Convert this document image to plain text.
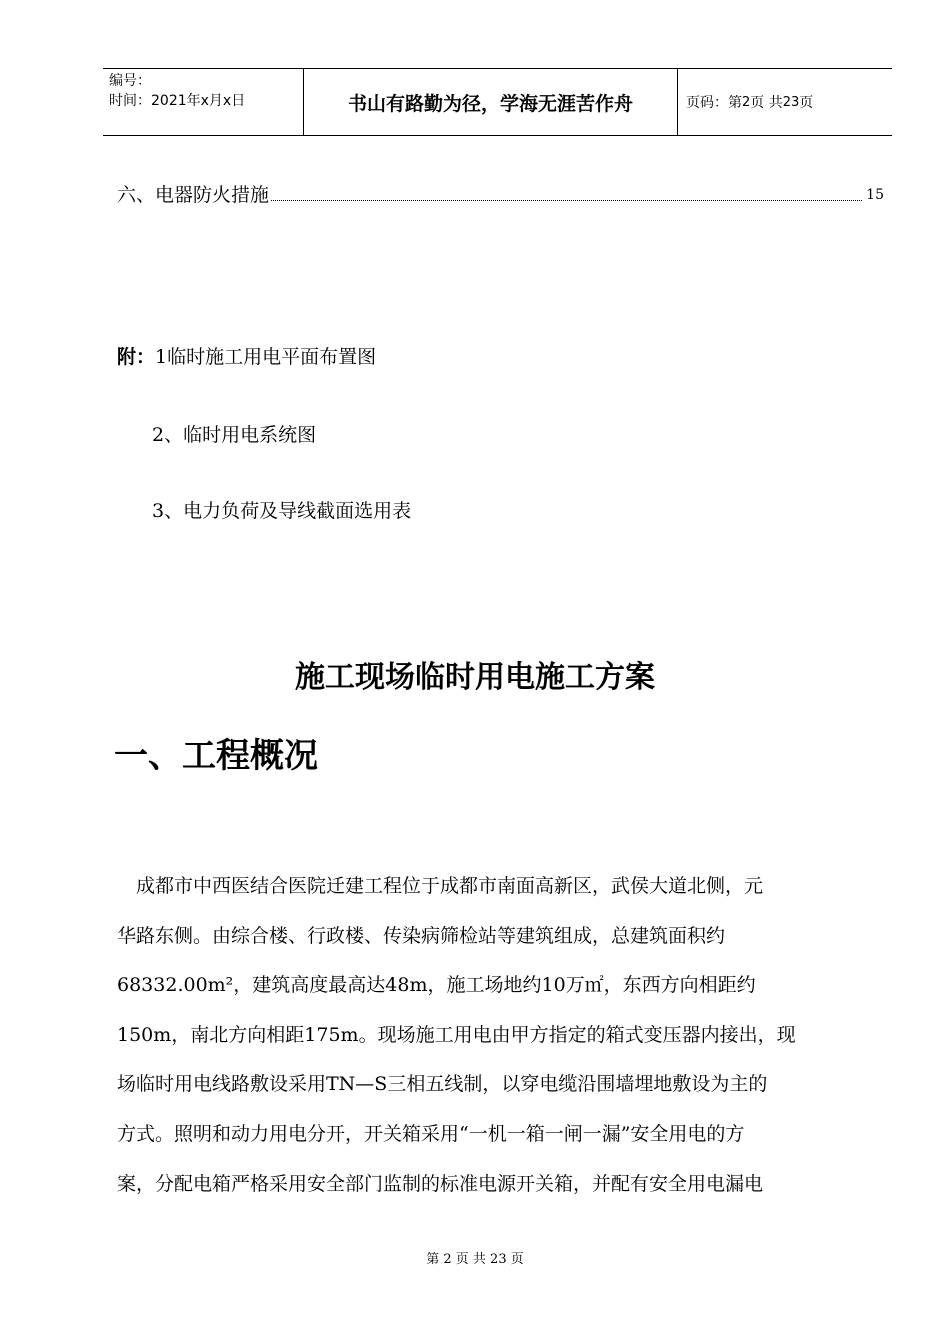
编号：
时间：2021年x月x日	书山有路勤为径，学海无涯苦作舟	页码：第 2 页 共 23 页
六、电器防火措施	15
附：1临时施工用电平面布置图
2、临时用电系统图
3、电力负荷及导线截面选用表
施工现场临时用电施工方案
一、工程概况
成都市中西医结合医院迁建工程位于成都市南面高新区，武侯大道北侧，元
华路东侧。由综合楼、行政楼、传染病筛检站等建筑组成，总建筑面积约
68332.00m²，建筑高度最高达48m，施工场地约10万㎡，东西方向相距约
150m，南北方向相距175m。现场施工用电由甲方指定的箱式变压器内接出，现
场临时用电线路敷设采用TN—S三相五线制，以穿电缆沿围墙埋地敷设为主的
方式。照明和动力用电分开，开关箱采用“一机一箱一闸一漏”安全用电的方
案，分配电箱严格采用安全部门监制的标准电源开关箱，并配有安全用电漏电
第 2 页 共 23 页
